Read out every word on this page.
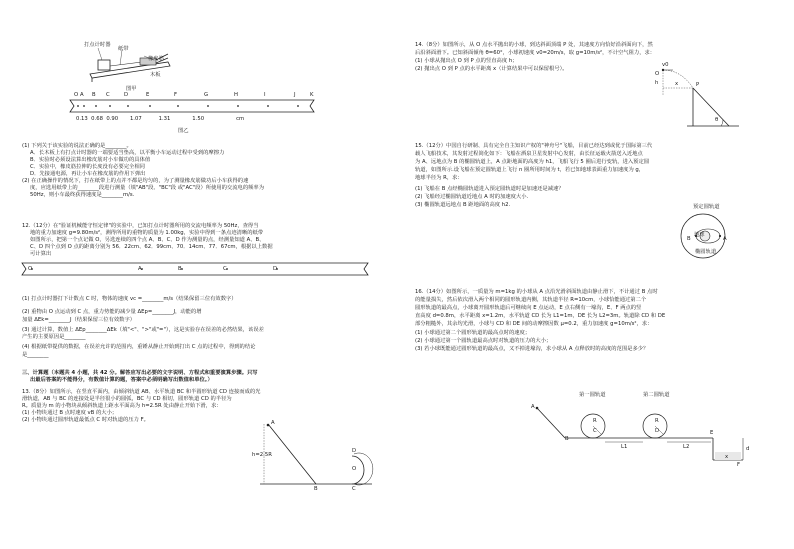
打点计时器
纸带
橡皮筋
木板
图甲
0.13 0.68 0.90 1.07	1.31	1.50	cm
图乙
(1) 下列关于该实验的说法正确的是________。
A．长木板上有打点计时器的一端要适当垫高，以平衡小车运动过程中受到的摩擦力
B．实验时必须设法算出橡皮筋对小车做功的具体值
C．实验中，橡皮筋拉伸的长度没有必要完全相同
D．先接通电源，再让小车在橡皮筋的作用下弹出
(2) 在正确操作的情况下，打在纸带上的点并不都是均匀的，为了测量橡皮筋做功后小车获得的速
度，应选用纸带上的________段进行测量（填"AB"段、"BC"段 或"AC"段）所使用的交流电的频率为
50Hz，则小车最终获得速度是________m/s.
12.（12分）在"验证机械能守恒定律"的实验中，已知打点计时器所用的交流电频率为 50Hz，查得当
地的重力加速度 g=9.80m/s²，测得所用的重物的质量为 1.00kg，实验中得到一条点迹清晰的纸带
如图所示，把第一个点记做 O，另选连续的四个点 A、B、C、D 作为测量的点，经测量知道 A、B、
C、D 四个点到 O 点的距离分别为 56．22cm、62．99cm、70．14cm、77．67cm，根据以上数据
可计算出
O	A	B	C	D
(1) 打点计时器打下计数点 C 时，物体的速度 vc =________m/s（结果保留三位有效数字）
(2) 重物由 O 点运动到 C 点，重力势能的减少量 ΔEp=________J，动能的增
加量 ΔEk=________J（结果保留三位有效数字）
(3) 通过计算，数值上 ΔEp________ΔEk（填"<"、">"或"="），这是实验存在误差的必然结果，该误差
产生的主要原因是________
(4) 根据纸带提供的数据，在误差允许的范围内，重锤从静止开始到打出 C 点的过程中，得到的结论
是________
三、计算题（本题共 4 小题，共 42 分。解答应写出必要的文字说明、方程式和重要演算步骤。只写
出最后答案的不能得分，有数值计算的题，答案中必须明确写出数值和单位。）
13.（8分）如图所示，在竖直平面内，由倾斜轨道 AB、水平轨道 BC 和半圆形轨道 CD 连接而成的光
滑轨道，AB 与 BC 的连接处是半径很小的圆弧，BC 与 CD 相切，圆形轨道 CD 的半径为
R。质量为 m 的小物块从倾斜轨道上距水平面高为 h=2.5R 处由静止开始下滑，求：
(1) 小物块通过 B 点时速度 vB 的大小；
(2) 小物块通过圆形轨道最低点 C 时对轨道的压力 F。	A
h=2.5R
B	C
O
D
O A B C	D	E	F	G	H	I	J	K
14.（8分）如图所示，从 O 点水平抛出的小球，到达斜面顶端 P 处，其速度方向恰好沿斜面向下，然
后沿斜面滑下。已知斜面倾角 θ=60°，小球初速度 v0=20m/s，取 g=10m/s²，不计空气阻力，求：
(1) 小球从抛出点 O 到 P 点的竖直高度 h；
(2) 抛出点 O 到 P 点的水平距离 x（计算结果中可以保留根号）。
v0
O
x
h	P
θ
15.（12分）中国自行研制、具有完全自主知识产权的"神舟号"飞船，目前已经达到或优于国际第三代
载人飞船技术，其发射过程简化如下：飞船在酒泉卫星发射中心发射，由长征运载火箭送入近地点
为 A、远地点为 B 的椭圆轨道上，A 点距地面的高度为 h1，飞船飞行 5 圈后进行变轨，进入预定圆
轨道，如图所示.设飞船在预定圆轨道上飞行 n 圈所用时间为 t，若已知地球表面重力加速度为 g，
地球半径为 R，求：
(1) 飞船在 B 点经椭圆轨道进入预定圆轨道时是加速还是减速？
(2) 飞船经过椭圆轨道近地点 A 时的加速度大小.
(3) 椭圆轨道远地点 B 距地面的高度 h2.	预定圆轨道
地球
B	A
椭圆轨道
16.（14分）如图所示，一质量为 m=1kg 的小球从 A 点沿光滑斜面轨道由静止滑下，不计通过 B 点时
的能量损失，然后依次滑入两个相同的圆形轨道内侧，其轨道半径 R=10cm，小球恰能通过第二个
圆形轨道的最高点，小球离开圆形轨道后可继续向 E 点运动，E 点右侧有一壕沟，E、F 两点的竖
直高度 d=0.8m，水平距离 x=1.2m，水平轨道 CD 长为 L1=1m，DE 长为 L2=3m。轨道除 CD 和 DE
部分粗糙外，其余均光滑，小球与 CD 和 DE 间的动摩擦因数 μ=0.2，重力加速度 g=10m/s²，求：
(1) 小球通过第二个圆形轨道的最高点时的速度；
(2) 小球通过第一个圆轨道最高点时对轨道的压力的大小；
(3) 若小球既能通过圆形轨道的最高点，又不掉进壕沟，求小球从 A 点释放时的高度的范围是多少？
第一圆轨道	第二圆轨道
A
B
R	R
C	D
L1	L2
E
d
x
F
